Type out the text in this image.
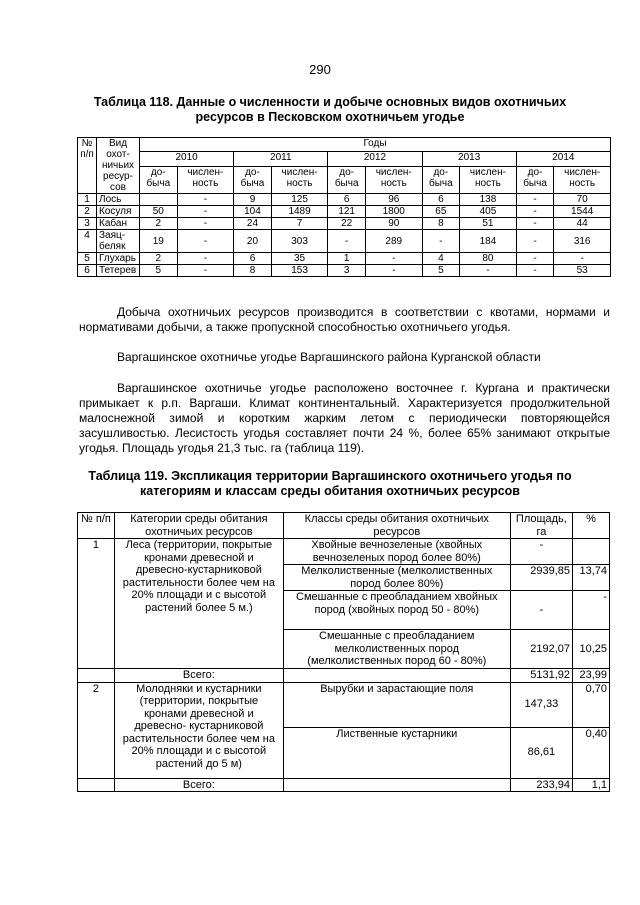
290
Таблица 118. Данные о численности и добыче основных видов охотничьих
ресурсов в Песковском охотничьем угодье
№ п/п	Вид охот-ничьих ресур-сов	Годы									
		2010		2011		2012		2013		2014	
		до-бычa	числен-ность	до-бычa	числен-ность	до-бычa	числен-ность	до-бычa	числен-ность	до-бычa	числен-ность
1	Лось		-	9	125	6	96	6	138	-	70
2	Косуля	50	-	104	1489	121	1800	65	405	-	1544
3	Кабан	2	-	24	7	22	90	8	51	-	44
4	Заяц-беляк	19	-	20	303	-	289	-	184	-	316
5	Глухарь	2	-	6	35	1	-	4	80	-	-
6	Тетерев	5	-	8	153	3	-	5	-	-	53

Добыча охотничьих ресурсов производится в соответствии с квотами, нормами и нормативами добычи, а также пропускной способностью охотничьего угодья.

Варгашинское охотничье угодье Варгашинского района Курганской области

Варгашинское охотничье угодье расположено восточнее г. Кургана и практически примыкает к р.п. Варгаши. Климат континентальный. Характеризуется продолжительной малоснежной зимой и коротким жарким летом с периодически повторяющейся засушливостью. Лесистость угодья составляет почти 24 %, более 65% занимают открытые угодья. Площадь угодья 21,3 тыс. га (таблица 119).

Таблица 119. Экспликация территории Варгашинского охотничьего угодья по
категориям и классам среды обитания охотничьих ресурсов
№ п/п	Категории среды обитания охотничьих ресурсов	Классы среды обитания охотничьих ресурсов	Площадь, га	%
1	Леса (территории, покрытые кронами древесной и древесно-кустарниковой растительности более чем на 20% площади и с высотой растений более 5 м.)	Хвойные вечнозеленые (хвойных вечнозеленых пород более 80%)	-	
		Мелколиственные (мелколиственных пород более 80%)	2939,85	13,74
		Смешанные с преобладанием хвойных пород (хвойных пород 50 - 80%)	-	-
		Смешанные с преобладанием мелколиственных пород (мелколиственных пород 60 - 80%)	2192,07	10,25
	Всего:		5131,92	23,99
2	Молодняки и кустарники (территории, покрытые кронами древесной и древесно- кустарниковой растительности более чем на 20% площади и с высотой растений до 5 м)	Вырубки и зарастающие поля	147,33	0,70
		Лиственные кустарники	86,61	0,40
	Всего:		233,94	1,1
